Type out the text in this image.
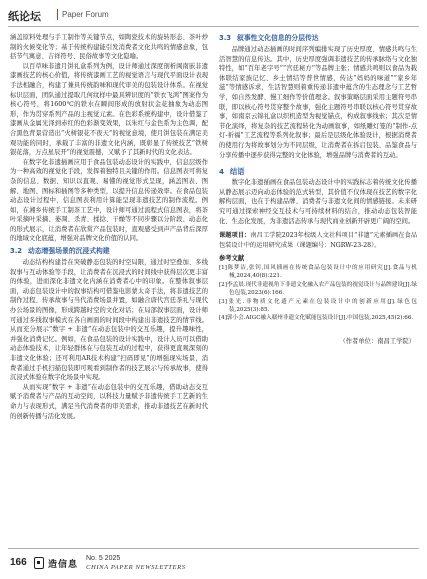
纸论坛	Paper Forum

涵盖原料处理与手工制作等关键节点，如陶瓷技术的旋转形态、茶叶炒制的火候变化等；基于传统构建能引发消费者文化共鸣的情感意象，包括节气寓意、吉祥符号、民俗故事等文化隐喻。

以百草味非遗月饼礼盒系列为例，设计师通过深度剖析闽南嵌非遗漆画技艺的核心价值，将传统漆画工艺的视觉语言与现代平面设计表现手法相融合，构建了兼具传统韵味和现代审美的包装设计体系。在视觉标识层面，团队通过提取几何纹样中最具辨识度的“铁衣飞鸿”图案作为核心符号，将1600℃的铁水在瞬间形成的放射状金花抽象为动态图形，作为贯穿系列产品的主视觉元素。在色彩系统构建中，设计借鉴了漆画从金属光泽到赤红的色彩渐变效果，以朱红与金色系为主色调，配合黑色背景营造出“火树银花不夜天”的视觉意境，使月饼包装在满足美观功能的同时，承载了丰富的非遗文化内涵，既彰显了传统技艺“铁树银花落，万点星辰开”的视觉震撼，又赋予了其新时代的文化表达。

在数字化非遗插画应用于食品包装动态设计的实践中，信息层级作为一种高效的视觉化手段，发挥着独特且关键的作用。信息图表可将复杂的信息、数据、知识以直观、易懂的视觉形式呈现，涵盖图表、图解、地图、图标和插图等多种类型，以提升信息传递效率。在食品包装动态设计过程中，信息图表利用计算能呈现非遗技艺的制作流程。例如，在湘乡传统手工制茶工艺中，设计师可通过流程式信息图表，将茶叶采摘叶采摘、萎凋、杀青、揉捻、干燥等不同步骤以分阶段、动态化的形式展示，让消费者在欣赏产品包装时，直观感受到声产品背后深厚的地域文化底蕴，增强对品牌文化价值的认同。

3.2 动态增强场景的沉浸式构建

动态结构构建旨在突破静态包装的时空局限，通过时空叠加、多线叙事与互动体验等手段，让消费者在沉浸式的时间线中获得层次更丰富的体验，进而深化非遗文化内涵在消费者心中的印象。在整体叙事层面，动态包装设计中的叙事结构可借鉴电影蒙太奇手法，将非遗技艺的制作过程、传承故事与当代消费场景并置，如融合唐代宫廷茶礼与现代办公场景的图像，形成跨越时空的文化对话；在局部叙事层面，设计师可通过多线叙事模式在各自画面的时间段中构建出非遗技艺的情节线。从而充分展示“数字 + 非遗”在动态包装中的交互乐趣，提升趣味性，并强化消费记忆。例如，在食品包装的设计实践中，设计人员可以借助动态体验技术，让年轻群体在与包装互动的过程中，获得更直观深刻的非遗文化体验；还可利用AR技术构建“扫码即见”的增强现实场景，消费者通过手机扫描包装即可观看到制作者的技艺展示与传承故事，使得沉浸式体验在数字化场景中实现。

从而实现“数字 + 非遗”在动态包装中的交互乐趣，借助动态交互赋予消费者与产品的互动空间，以科技力量赋予非遗传统手工艺新的生命力与表现形式，满足当代消费者的审美需求，推动非遗技艺在新时代的创新传播与活化发展。

3.3 叙事性文化信息的分层传达

品牌通过动态插画的时间序列编排实现了历史厚度、情感共鸣与生活智慧的信息传达。其中，历史厚度强调非遗技艺的传承脉络与文化独特性，如“百年老字号”“宫廷秘方”等品牌主张；情感共鸣则以食品为载体联结家族记忆、乡土情结等普世情感，传达“妈妈的味道”“家乡年滋”等情感诉求，生活智慧则着重传递非遗中蕴含的生态理念与工艺哲学，如自然发酵、慢工细作等价值理念。叙事策略层面采用主题符号串联，即以核心符号贯穿整个故事，强化主题符号串联以核心符号贯穿故事，如南京云锦礼盒以织机造型为视觉锚点，构成叙事线索；其次是情节化演绎，将复杂的技艺流程转化为动画叙事，如纸雕灯笼的“制作-点灯-祈福”工艺流程等系列化叙事；最后是层级化体验设计，根据消费者的使用行为将故事划分为不同层级，让消费者在拆启包装、品鉴食品与分享传播中逐步获得完整的文化体验，增强品牌与消费者的互动。

4 结语

数字化非遗插画在食品包装动态设计中的实践标志着传统文化传播从静态展示迈向动态体验的范式转型，其价值不仅体现在技艺的数字化解构层面，也在于构建品牌、消费者与非遗文化间的情感链接。未来研究可通过探索神经交互技术与可持续材料的结合，推动动态包装智能化、生态化发展，为非遗活态传承与现代商业创新开辟更广阔的空间。

课题项目：南昌工学院2023年校级人文社科项目“非遗”元素插画在食品包装设计中的运用研究成果（课题编号：NGRW-23-28）。

参考文献

[1]陈梦洁,张钊,国风插画在传统食品包装设计中的应用研究[J].食品与机械,2024,40(8):221.

[2]李孟晨.现代非遗视角下非遗文化融入农产品包装的视觉设计与品牌建设[J].绿色包装,2023(6):166.

[3]张光.非物质文化遗产元素在包装设计中的创新应用[J].绿色包装,2025(3):85.

[4]郭小会.AIGC融入赣州非遗文化赋能包装设计[J].中国包装,2025,45(2):66.

（作者单位：南昌工学院）
166 造信息
No. 5 2025
CHINA PAPER NEWSLETTERS
